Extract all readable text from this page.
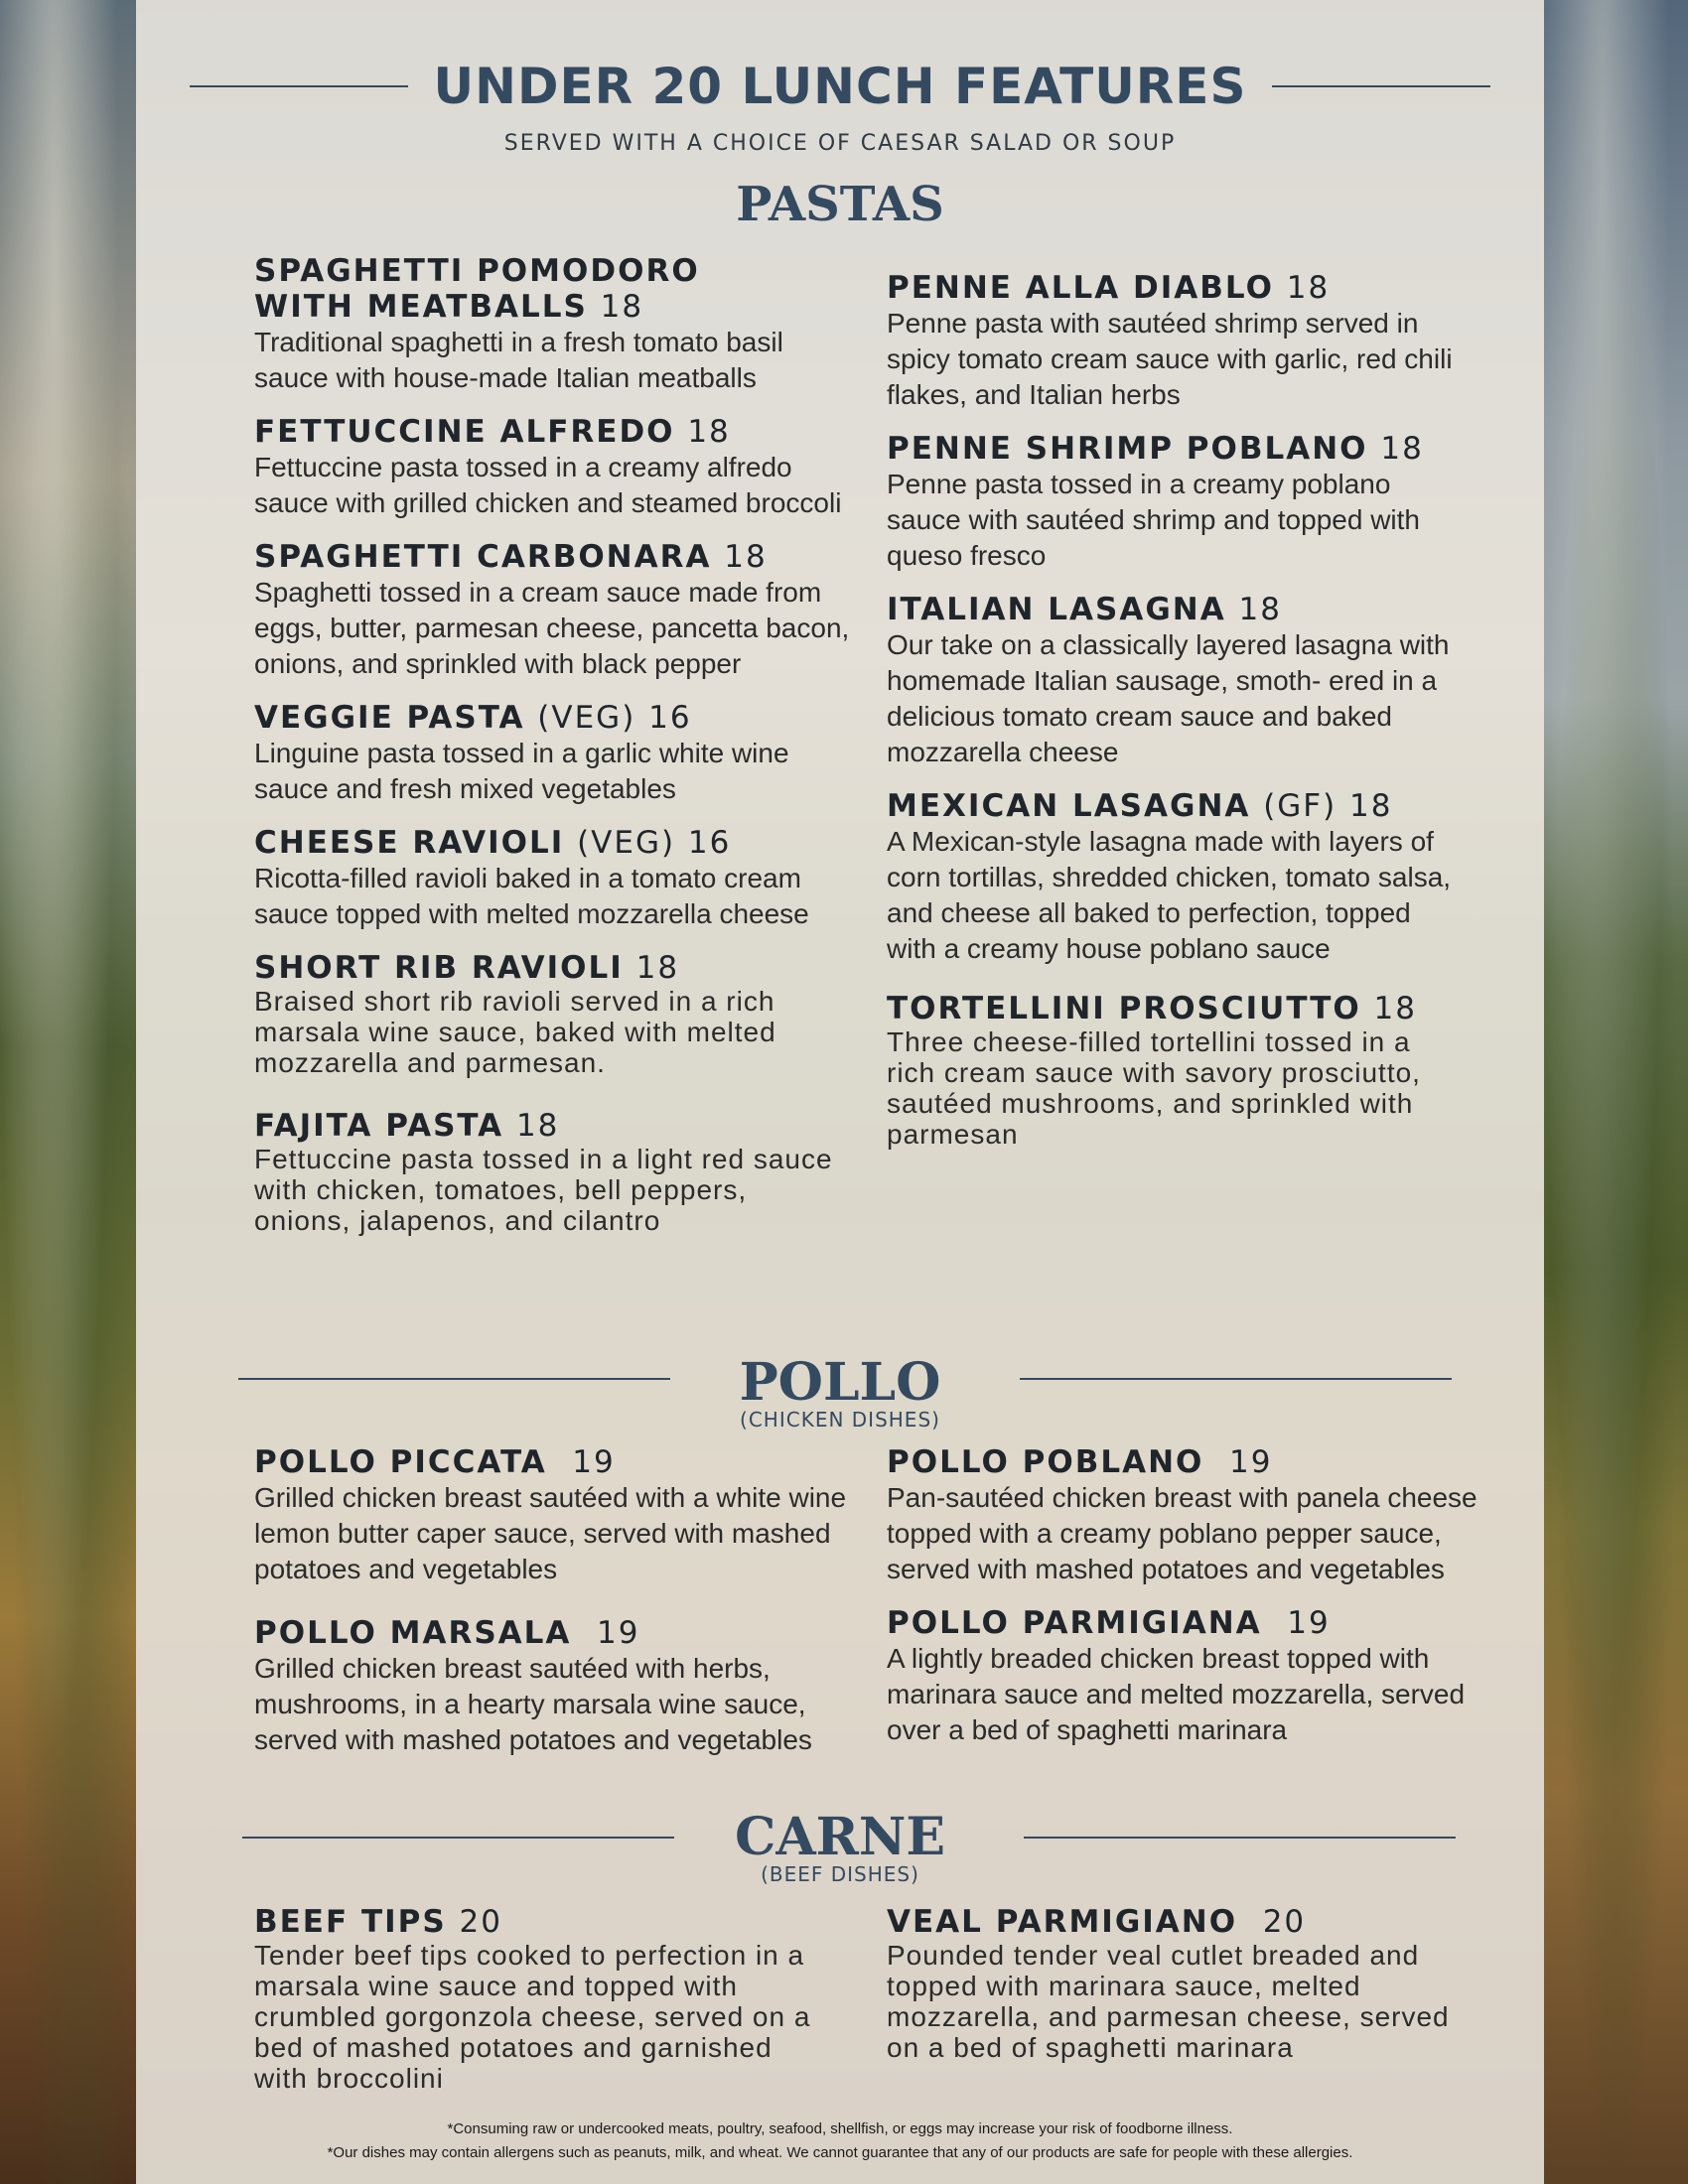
UNDER 20 LUNCH FEATURES
SERVED WITH A CHOICE OF CAESAR SALAD OR SOUP
PASTAS
SPAGHETTI POMODORO
WITH MEATBALLS 18
Traditional spaghetti in a fresh tomato basil sauce with house-made Italian meatballs
FETTUCCINE ALFREDO 18
Fettuccine pasta tossed in a creamy alfredo sauce with grilled chicken and steamed broccoli
SPAGHETTI CARBONARA 18
Spaghetti tossed in a cream sauce made from eggs, butter, parmesan cheese, pancetta bacon, onions, and sprinkled with black pepper
VEGGIE PASTA (VEG) 16
Linguine pasta tossed in a garlic white wine sauce and fresh mixed vegetables
CHEESE RAVIOLI (VEG) 16
Ricotta-filled ravioli baked in a tomato cream sauce topped with melted mozzarella cheese
SHORT RIB RAVIOLI 18
Braised short rib ravioli served in a rich marsala wine sauce, baked with melted mozzarella and parmesan.
FAJITA PASTA 18
Fettuccine pasta tossed in a light red sauce with chicken, tomatoes, bell peppers, onions, jalapenos, and cilantro
PENNE ALLA DIABLO 18
Penne pasta with sautéed shrimp served in spicy tomato cream sauce with garlic, red chili flakes, and Italian herbs
PENNE SHRIMP POBLANO 18
Penne pasta tossed in a creamy poblano sauce with sautéed shrimp and topped with queso fresco
ITALIAN LASAGNA 18
Our take on a classically layered lasagna with homemade Italian sausage, smoth- ered in a delicious tomato cream sauce and baked mozzarella cheese
MEXICAN LASAGNA (GF) 18
A Mexican-style lasagna made with layers of corn tortillas, shredded chicken, tomato salsa, and cheese all baked to perfection, topped with a creamy house poblano sauce
TORTELLINI PROSCIUTTO 18
Three cheese-filled tortellini tossed in a rich cream sauce with savory prosciutto, sautéed mushrooms, and sprinkled with parmesan
POLLO
(CHICKEN DISHES)
POLLO PICCATA 19
Grilled chicken breast sautéed with a white wine lemon butter caper sauce, served with mashed potatoes and vegetables
POLLO MARSALA 19
Grilled chicken breast sautéed with herbs, mushrooms, in a hearty marsala wine sauce, served with mashed potatoes and vegetables
POLLO POBLANO 19
Pan-sautéed chicken breast with panela cheese topped with a creamy poblano pepper sauce, served with mashed potatoes and vegetables
POLLO PARMIGIANA 19
A lightly breaded chicken breast topped with marinara sauce and melted mozzarella, served over a bed of spaghetti marinara
CARNE
(BEEF DISHES)
BEEF TIPS 20
Tender beef tips cooked to perfection in a marsala wine sauce and topped with crumbled gorgonzola cheese, served on a bed of mashed potatoes and garnished with broccolini
VEAL PARMIGIANO 20
Pounded tender veal cutlet breaded and topped with marinara sauce, melted mozzarella, and parmesan cheese, served on a bed of spaghetti marinara
*Consuming raw or undercooked meats, poultry, seafood, shellfish, or eggs may increase your risk of foodborne illness.
*Our dishes may contain allergens such as peanuts, milk, and wheat. We cannot guarantee that any of our products are safe for people with these allergies.
